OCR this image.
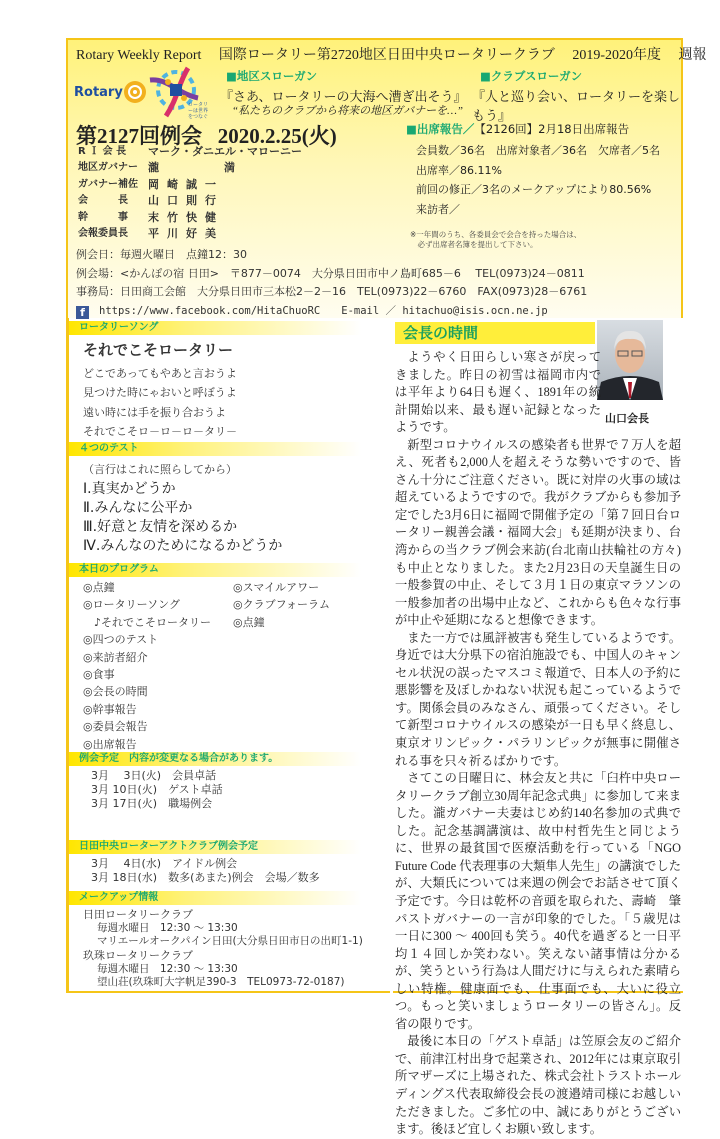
Rotary Weekly Report 国際ロータリー第2720地区日田中央ロータリークラブ 2019-2020年度 週報
Rotary
ロータリーは世界をつなぐ
■地区スローガン
『さあ、ロータリーの大海へ漕ぎ出そう』
“私たちのクラブから将来の地区ガバナーを…”
■クラブスローガン
『人と巡り会い、ロータリーを楽しもう』
第2127回例会 2020.2.25(火)
R Ｉ 会 長	マーク・ダニエル・マローニー
地区ガバナー 瀧　　　満
ガバナー補佐 岡崎誠一
会　　　長	山口則行
幹　　　事	末竹快健
会報委員長	平川好美
■出席報告／【2126回】2月18日出席報告
会員数／36名　出席対象者／36名　欠席者／5名
出席率／86.11%
前回の修正／3名のメークアップにより80.56%
来訪者／
※一年間のうち、各委員会で会合を持った場合は、
　必ず出席者名簿を提出して下さい。
例会日：毎週火曜日　点鐘12：30
例会場：<かんぽの宿 日田>　〒877－0074　大分県日田市中ノ島町685－6　 TEL(0973)24－0811
事務局：日田商工会館　大分県日田市三本松2－2－16　TEL(0973)22－6760　FAX(0973)28－6761
f https://www.facebook.com/HitaChuoRC E-mail ／ hitachuo@isis.ocn.ne.jp
ロータリーソング
それでこそロータリー
どこであってもやあと言おうよ
見つけた時にゃおいと呼ぼうよ
遠い時には手を振り合おうよ
それでこそロ－ロ－ロ－タリ－
４つのテスト
（言行はこれに照らしてから）
Ⅰ.真実かどうか
Ⅱ.みんなに公平か
Ⅲ.好意と友情を深めるか
Ⅳ.みんなのためになるかどうか
本日のプログラム
◎点鐘	◎スマイルアワー
◎ロータリーソング	◎クラブフォーラム
　♪それでこそロータリー	◎点鐘
◎四つのテスト
◎来訪者紹介
◎食事
◎会長の時間
◎幹事報告
◎委員会報告
◎出席報告
例会予定　内容が変更なる場合があります。
3月　 3日(火)　会員卓話
3月 10日(火)　ゲスト卓話
3月 17日(火)　職場例会
日田中央ローターアクトクラブ例会予定
3月　 4日(水)　アイドル例会
3月 18日(水)　数多(あまた)例会　会場／数多
メークアップ情報
日田ロータリークラブ
毎週水曜日　12:30 ～ 13:30
マリエールオークパイン日田(大分県日田市日の出町1-1)
玖珠ロータリークラブ
毎週木曜日　12:30 ～ 13:30
望山荘(玖珠町大字帆足390-3　TEL0973-72-0187)
会長の時間
山口会長

ようやく日田らしい寒さが戻ってきました。昨日の初雪は福岡市内では平年より64日も遅く、1891年の統計開始以来、最も遅い記録となったようです。

新型コロナウイルスの感染者も世界で７万人を超え、死者も2,000人を超えそうな勢いですので、皆さん十分にご注意ください。既に対岸の火事の域は超えているようですので。我がクラブからも参加予定でした3月6日に福岡で開催予定の「第７回日台ロータリー親善会議・福岡大会」も延期が決まり、台湾からの当クラブ例会来訪(台北南山扶輪社の方々)も中止となりました。また2月23日の天皇誕生日の一般参賀の中止、そして３月１日の東京マラソンの一般参加者の出場中止など、これからも色々な行事が中止や延期になると想像できます。

また一方では風評被害も発生しているようです。身近では大分県下の宿泊施設でも、中国人のキャンセル状況の誤ったマスコミ報道で、日本人の予約に悪影響を及ぼしかねない状況も起こっているようです。関係会員のみなさん、頑張ってください。そして新型コロナウイルスの感染が一日も早く終息し、東京オリンピック・パラリンピックが無事に開催される事を只々祈るばかりです。

さてこの日曜日に、林会友と共に「臼杵中央ロータリークラブ創立30周年記念式典」に参加して来ました。瀧ガバナー夫妻はじめ約140名参加の式典でした。記念基調講演は、故中村哲先生と同じように、世界の最貧国で医療活動を行っている「NGO Future Code 代表理事の大類隼人先生」の講演でしたが、大類氏については来週の例会でお話させて頂く予定です。今日は乾杯の音頭を取られた、壽崎　肇パストガバナーの一言が印象的でした。「５歳児は一日に300 ～ 400回も笑う。40代を過ぎると一日平均１４回しか笑わない。笑えない諸事情は分かるが、笑うという行為は人間だけに与えられた素晴らしい特権。健康面でも、仕事面でも、大いに役立つ。もっと笑いましょうロータリーの皆さん」。反省の限りです。

最後に本日の「ゲスト卓話」は笠原会友のご紹介で、前津江村出身で起業され、2012年には東京取引所マザーズに上場された、株式会社トラストホールディングス代表取締役会長の渡邉靖司様にお越しいただきました。ご多忙の中、誠にありがとうございます。後ほど宜しくお願い致します。
